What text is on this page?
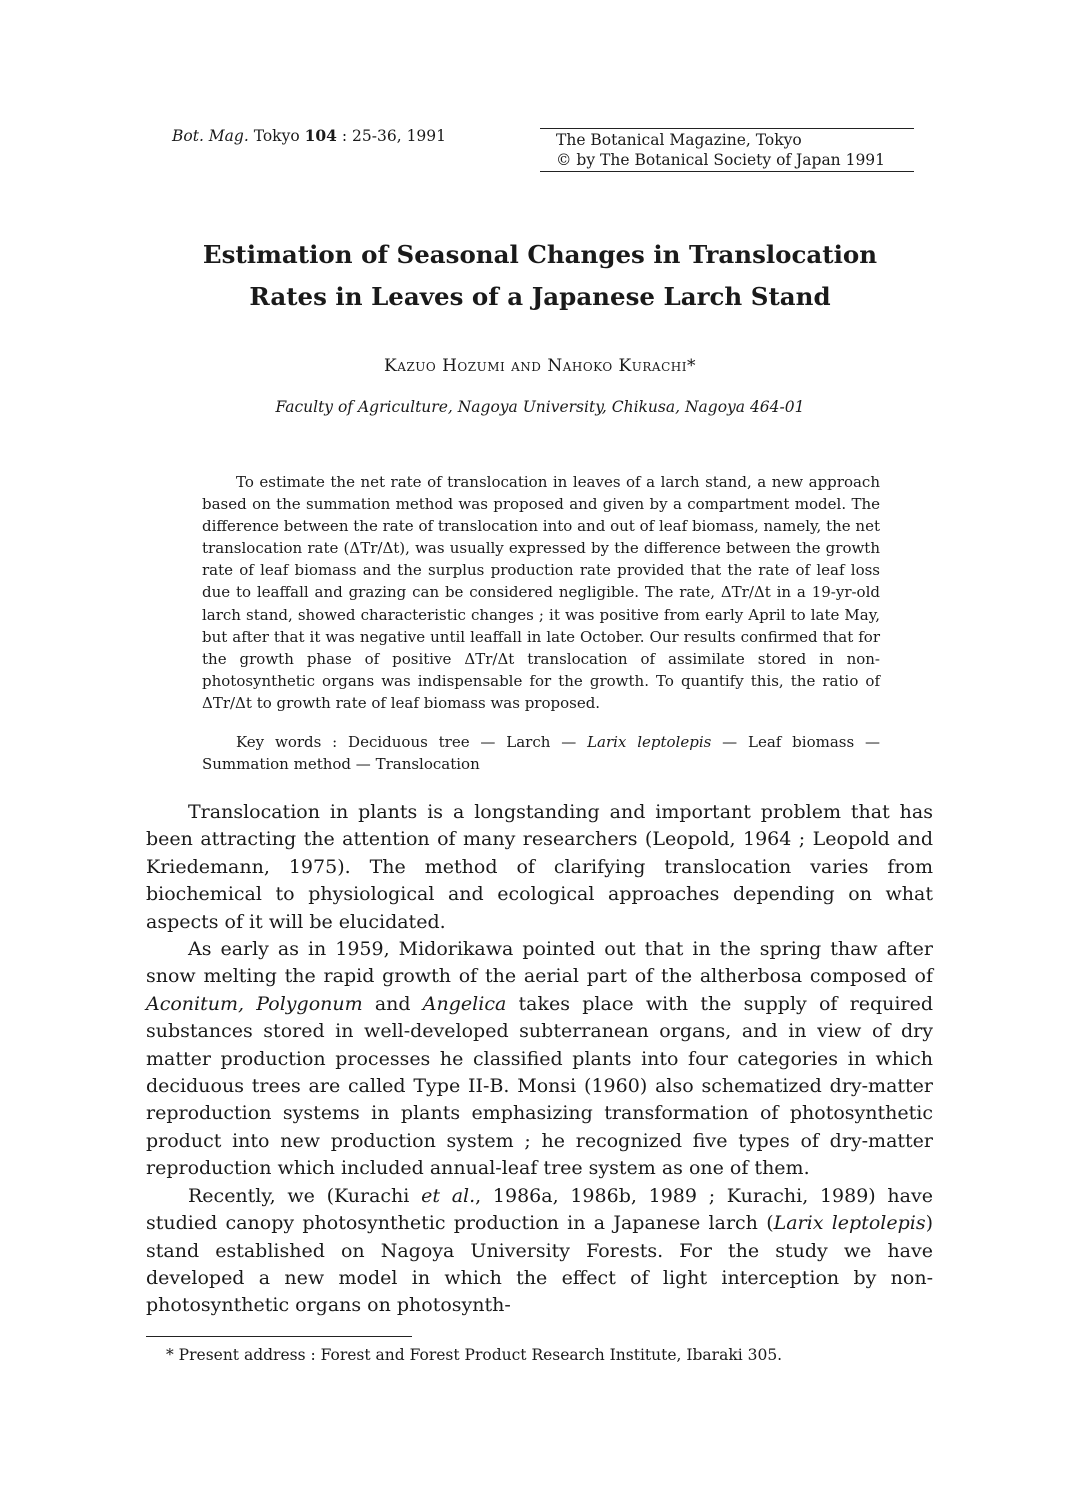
Bot. Mag. Tokyo 104 : 25-36, 1991	The Botanical Magazine, Tokyo
© by The Botanical Society of Japan 1991
Estimation of Seasonal Changes in Translocation
Rates in Leaves of a Japanese Larch Stand
Kazuo Hozumi and Nahoko Kurachi*
Faculty of Agriculture, Nagoya University, Chikusa, Nagoya 464-01

To estimate the net rate of translocation in leaves of a larch stand, a new approach based on the summation method was proposed and given by a compartment model. The difference between the rate of translocation into and out of leaf biomass, namely, the net translocation rate (ΔTr/Δt), was usually expressed by the difference between the growth rate of leaf biomass and the surplus production rate provided that the rate of leaf loss due to leaffall and grazing can be considered negligible. The rate, ΔTr/Δt in a 19-yr-old larch stand, showed characteristic changes ; it was positive from early April to late May, but after that it was negative until leaffall in late October. Our results confirmed that for the growth phase of positive ΔTr/Δt translocation of assimilate stored in non-photosynthetic organs was indispensable for the growth. To quantify this, the ratio of ΔTr/Δt to growth rate of leaf biomass was proposed.

Key words : Deciduous tree — Larch — Larix leptolepis — Leaf biomass — Summation method — Translocation

Translocation in plants is a longstanding and important problem that has been attracting the attention of many researchers (Leopold, 1964 ; Leopold and Kriedemann, 1975). The method of clarifying translocation varies from biochemical to physiological and ecological approaches depending on what aspects of it will be elucidated.

As early as in 1959, Midorikawa pointed out that in the spring thaw after snow melting the rapid growth of the aerial part of the altherbosa composed of Aconitum, Polygonum and Angelica takes place with the supply of required substances stored in well-developed subterranean organs, and in view of dry matter production processes he classified plants into four categories in which deciduous trees are called Type II-B. Monsi (1960) also schematized dry-matter reproduction systems in plants emphasizing transformation of photosynthetic product into new production system ; he recognized five types of dry-matter reproduction which included annual-leaf tree system as one of them.

Recently, we (Kurachi et al., 1986a, 1986b, 1989 ; Kurachi, 1989) have studied canopy photosynthetic production in a Japanese larch (Larix leptolepis) stand established on Nagoya University Forests. For the study we have developed a new model in which the effect of light interception by non-photosynthetic organs on photosynth-

* Present address : Forest and Forest Product Research Institute, Ibaraki 305.
